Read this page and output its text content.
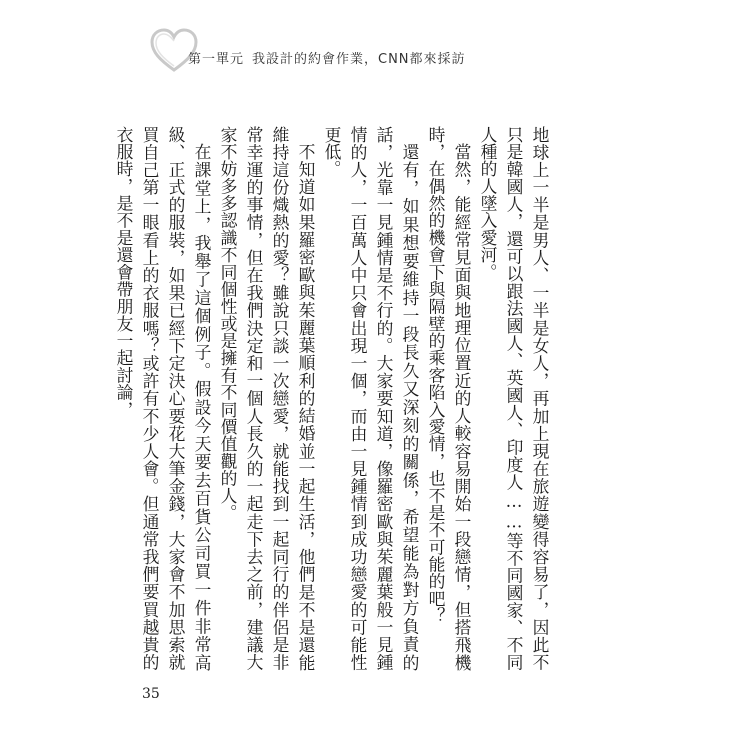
第一單元 我設計的約會作業，CNN都來採訪

地球上一半是男人、一半是女人，再加上現在旅遊變得容易了，因此不只是韓國人，還可以跟法國人、英國人、印度人……等不同國家、不同人種的人墜入愛河。

當然，能經常見面與地理位置近的人較容易開始一段戀情，但搭飛機時，在偶然的機會下與隔壁的乘客陷入愛情，也不是不可能的吧？

還有，如果想要維持一段長久又深刻的關係，希望能為對方負責的話，光靠一見鍾情是不行的。大家要知道，像羅密歐與茱麗葉般一見鍾情的人，一百萬人中只會出現一個，而由一見鍾情到成功戀愛的可能性更低。

不知道如果羅密歐與茱麗葉順利的結婚並一起生活，他們是不是還能維持這份熾熱的愛？雖說只談一次戀愛，就能找到一起同行的伴侶是非常幸運的事情，但在我們決定和一個人長久的一起走下去之前，建議大家不妨多多認識不同個性或是擁有不同價值觀的人。

在課堂上，我舉了這個例子。假設今天要去百貨公司買一件非常高級、正式的服裝，如果已經下定決心要花大筆金錢，大家會不加思索就買自己第一眼看上的衣服嗎？或許有不少人會。但通常我們要買越貴的衣服時，是不是還會帶朋友一起討論，

35
